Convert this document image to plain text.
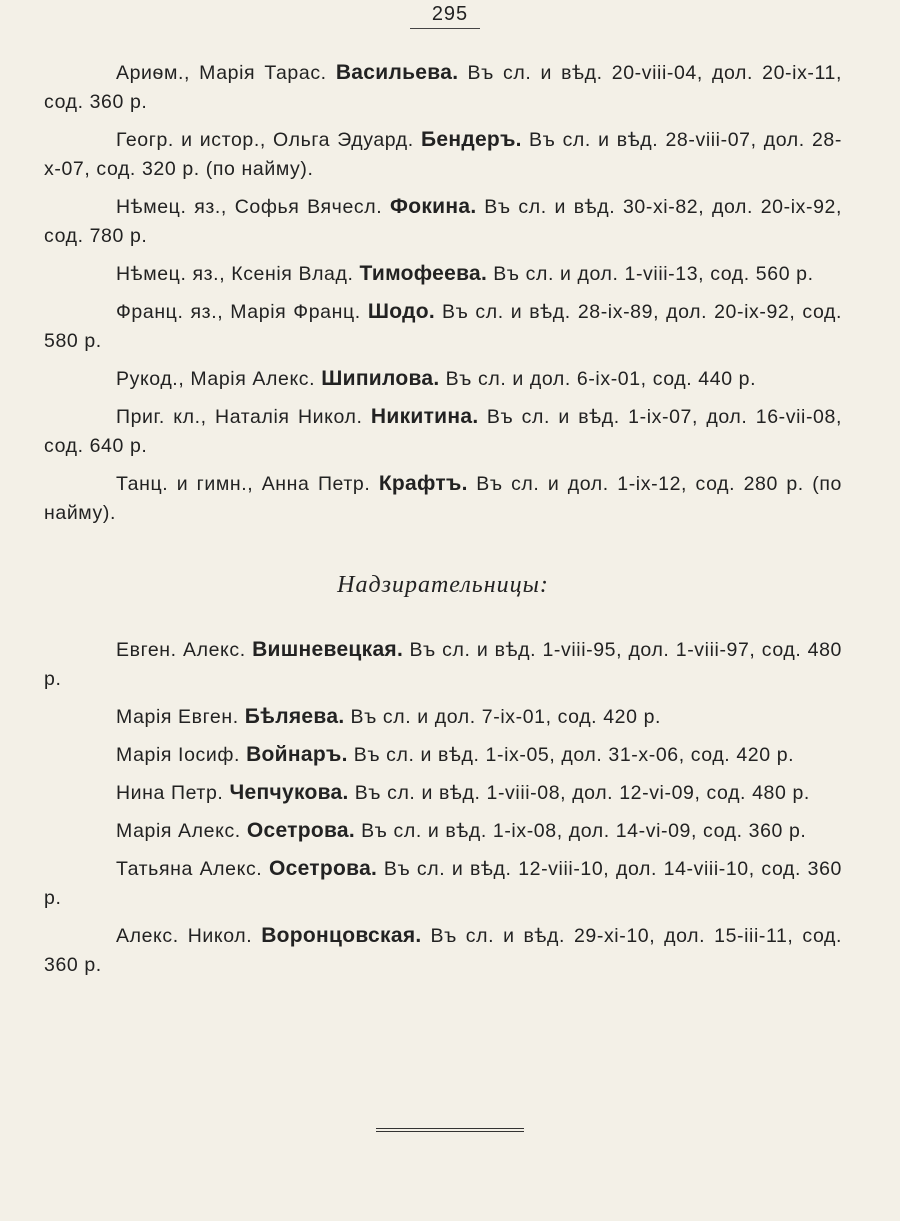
295

Ариѳм., Марія Тарас. Васильева. Въ сл. и вѣд. 20-viii-04, дол. 20-ix-11, сод. 360 р.

Геогр. и истор., Ольга Эдуард. Бендеръ. Въ сл. и вѣд. 28-viii-07, дол. 28-x-07, сод. 320 р. (по найму).

Нѣмец. яз., Софья Вячесл. Фокина. Въ сл. и вѣд. 30-xi-82, дол. 20-ix-92, сод. 780 р.

Нѣмец. яз., Ксенія Влад. Тимофеева. Въ сл. и дол. 1-viii-13, сод. 560 р.

Франц. яз., Марія Франц. Шодо. Въ сл. и вѣд. 28-ix-89, дол. 20-ix-92, сод. 580 р.

Рукод., Марія Алекс. Шипилова. Въ сл. и дол. 6-ix-01, сод. 440 р.

Приг. кл., Наталія Никол. Никитина. Въ сл. и вѣд. 1-ix-07, дол. 16-vii-08, сод. 640 р.

Танц. и гимн., Анна Петр. Крафтъ. Въ сл. и дол. 1-ix-12, сод. 280 р. (по найму).

Надзирательницы:

Евген. Алекс. Вишневецкая. Въ сл. и вѣд. 1-viii-95, дол. 1-viii-97, сод. 480 р.

Марія Евген. Бѣляева. Въ сл. и дол. 7-ix-01, сод. 420 р.

Марія Іосиф. Войнаръ. Въ сл. и вѣд. 1-ix-05, дол. 31-x-06, сод. 420 р.

Нина Петр. Чепчукова. Въ сл. и вѣд. 1-viii-08, дол. 12-vi-09, сод. 480 р.

Марія Алекс. Осетрова. Въ сл. и вѣд. 1-ix-08, дол. 14-vi-09, сод. 360 р.

Татьяна Алекс. Осетрова. Въ сл. и вѣд. 12-viii-10, дол. 14-viii-10, сод. 360 р.

Алекс. Никол. Воронцовская. Въ сл. и вѣд. 29-xi-10, дол. 15-iii-11, сод. 360 р.
